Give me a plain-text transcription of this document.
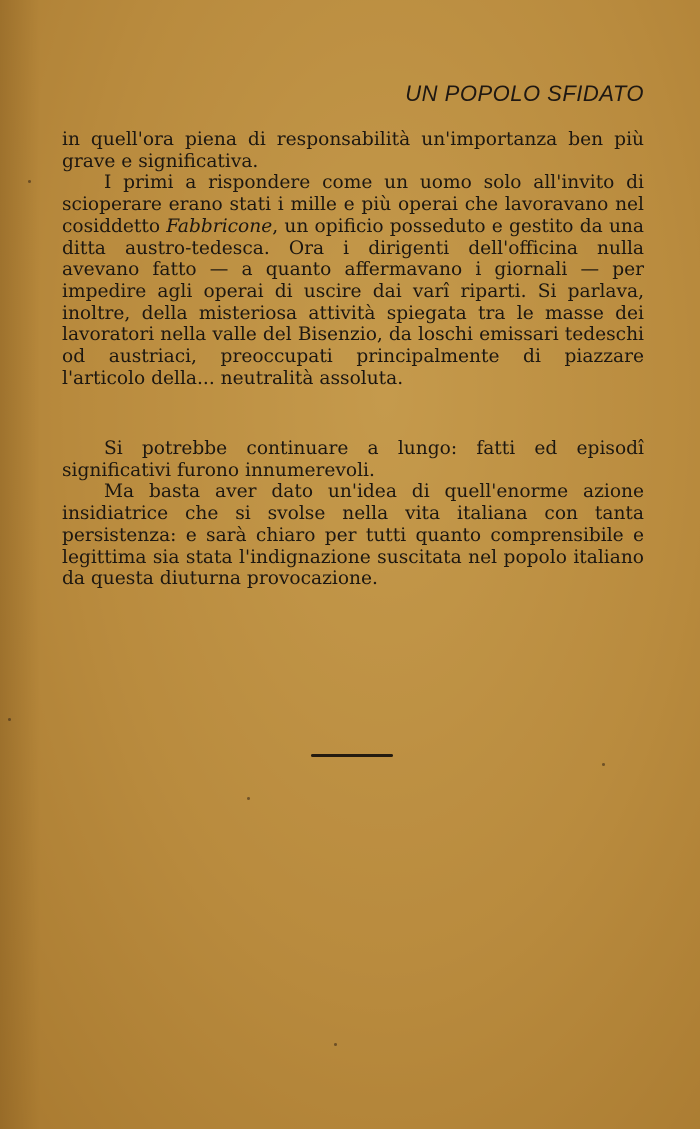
UN POPOLO SFIDATO

in quell'ora piena di responsabilità un'importanza ben più grave e significativa.

I primi a rispondere come un uomo solo all'invito di scioperare erano stati i mille e più operai che lavoravano nel cosiddetto Fabbricone, un opificio posseduto e gestito da una ditta austro-tedesca. Ora i dirigenti dell'officina nulla avevano fatto — a quanto affermavano i giornali — per impedire agli operai di uscire dai varî riparti. Si parlava, inoltre, della misteriosa attività spiegata tra le masse dei lavoratori nella valle del Bisenzio, da loschi emissari tedeschi od austriaci, preoccupati principalmente di piazzare l'articolo della... neutralità assoluta.

Si potrebbe continuare a lungo: fatti ed episodî significativi furono innumerevoli.

Ma basta aver dato un'idea di quell'enorme azione insidiatrice che si svolse nella vita italiana con tanta persistenza: e sarà chiaro per tutti quanto comprensibile e legittima sia stata l'indignazione suscitata nel popolo italiano da questa diuturna provocazione.
